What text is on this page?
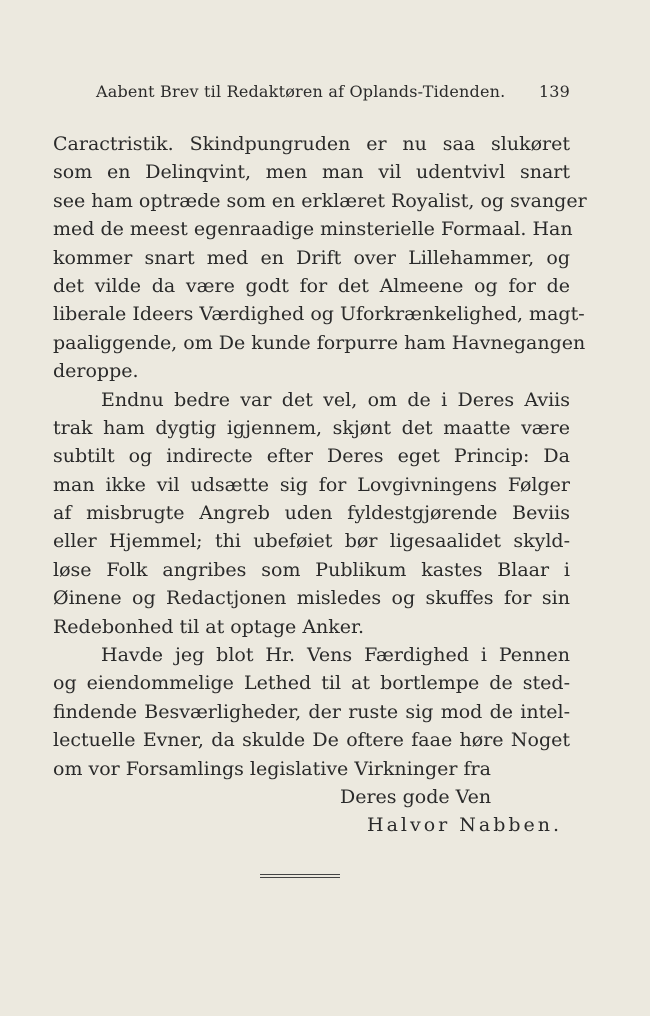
Aabent Brev til Redaktøren af Oplands-Tidenden. 139
Caractristik. Skindpungruden er nu saa slukøret
som en Delinqvint, men man vil udentvivl snart
see ham optræde som en erklæret Royalist, og svanger
med de meest egenraadige minsterielle Formaal. Han
kommer snart med en Drift over Lillehammer, og
det vilde da være godt for det Almeene og for de
liberale Ideers Værdighed og Uforkrænkelighed, magt-
paaliggende, om De kunde forpurre ham Havnegangen
deroppe.
Endnu bedre var det vel, om de i Deres Aviis
trak ham dygtig igjennem, skjønt det maatte være
subtilt og indirecte efter Deres eget Princip: Da
man ikke vil udsætte sig for Lovgivningens Følger
af misbrugte Angreb uden fyldestgjørende Beviis
eller Hjemmel; thi ubeføiet bør ligesaalidet skyld-
løse Folk angribes som Publikum kastes Blaar i
Øinene og Redactjonen misledes og skuffes for sin
Redebonhed til at optage Anker.
Havde jeg blot Hr. Vens Færdighed i Pennen
og eiendommelige Lethed til at bortlempe de sted-
findende Besværligheder, der ruste sig mod de intel-
lectuelle Evner, da skulde De oftere faae høre Noget
om vor Forsamlings legislative Virkninger fra
Deres gode Ven
Halvor Nabben.
